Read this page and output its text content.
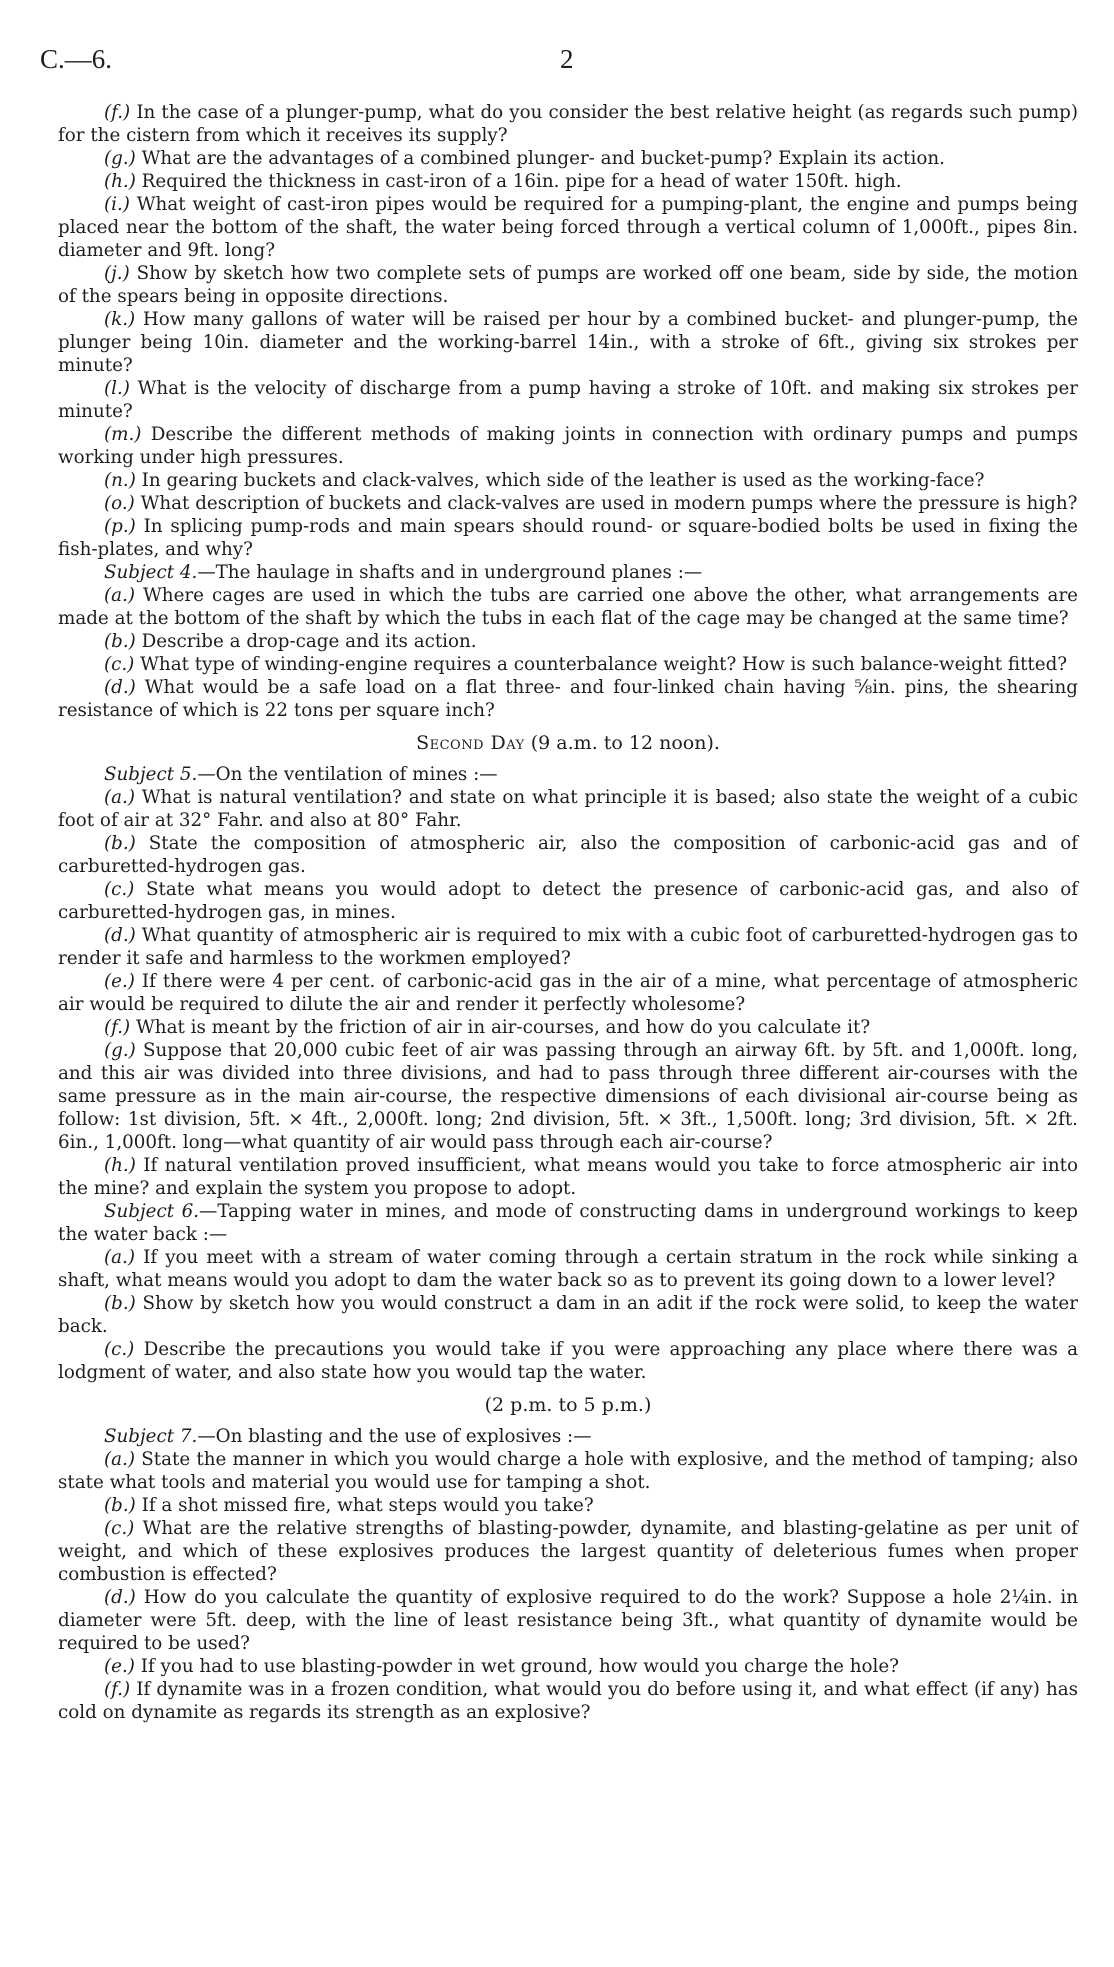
C.—6.	2

(f.) In the case of a plunger-pump, what do you consider the best relative height (as regards such pump) for the cistern from which it receives its supply?

(g.) What are the advantages of a combined plunger- and bucket-pump? Explain its action.

(h.) Required the thickness in cast-iron of a 16in. pipe for a head of water 150ft. high.

(i.) What weight of cast-iron pipes would be required for a pumping-plant, the engine and pumps being placed near the bottom of the shaft, the water being forced through a vertical column of 1,000ft., pipes 8in. diameter and 9ft. long?

(j.) Show by sketch how two complete sets of pumps are worked off one beam, side by side, the motion of the spears being in opposite directions.

(k.) How many gallons of water will be raised per hour by a combined bucket- and plunger-pump, the plunger being 10in. diameter and the working-barrel 14in., with a stroke of 6ft., giving six strokes per minute?

(l.) What is the velocity of discharge from a pump having a stroke of 10ft. and making six strokes per minute?

(m.) Describe the different methods of making joints in connection with ordinary pumps and pumps working under high pressures.

(n.) In gearing buckets and clack-valves, which side of the leather is used as the working-face?

(o.) What description of buckets and clack-valves are used in modern pumps where the pressure is high?

(p.) In splicing pump-rods and main spears should round- or square-bodied bolts be used in fixing the fish-plates, and why?

Subject 4.—The haulage in shafts and in underground planes :—

(a.) Where cages are used in which the tubs are carried one above the other, what arrangements are made at the bottom of the shaft by which the tubs in each flat of the cage may be changed at the same time?

(b.) Describe a drop-cage and its action.

(c.) What type of winding-engine requires a counterbalance weight? How is such balance-weight fitted?

(d.) What would be a safe load on a flat three- and four-linked chain having ⅝in. pins, the shearing resistance of which is 22 tons per square inch?

Second Day (9 a.m. to 12 noon).

Subject 5.—On the ventilation of mines :—

(a.) What is natural ventilation? and state on what principle it is based; also state the weight of a cubic foot of air at 32° Fahr. and also at 80° Fahr.

(b.) State the composition of atmospheric air, also the composition of carbonic-acid gas and of carburetted-hydrogen gas.

(c.) State what means you would adopt to detect the presence of carbonic-acid gas, and also of carburetted-hydrogen gas, in mines.

(d.) What quantity of atmospheric air is required to mix with a cubic foot of carburetted-hydrogen gas to render it safe and harmless to the workmen employed?

(e.) If there were 4 per cent. of carbonic-acid gas in the air of a mine, what percentage of atmospheric air would be required to dilute the air and render it perfectly wholesome?

(f.) What is meant by the friction of air in air-courses, and how do you calculate it?

(g.) Suppose that 20,000 cubic feet of air was passing through an airway 6ft. by 5ft. and 1,000ft. long, and this air was divided into three divisions, and had to pass through three different air-courses with the same pressure as in the main air-course, the respective dimensions of each divisional air-course being as follow: 1st division, 5ft. × 4ft., 2,000ft. long; 2nd division, 5ft. × 3ft., 1,500ft. long; 3rd division, 5ft. × 2ft. 6in., 1,000ft. long—what quantity of air would pass through each air-course?

(h.) If natural ventilation proved insufficient, what means would you take to force atmospheric air into the mine? and explain the system you propose to adopt.

Subject 6.—Tapping water in mines, and mode of constructing dams in underground workings to keep the water back :—

(a.) If you meet with a stream of water coming through a certain stratum in the rock while sinking a shaft, what means would you adopt to dam the water back so as to prevent its going down to a lower level?

(b.) Show by sketch how you would construct a dam in an adit if the rock were solid, to keep the water back.

(c.) Describe the precautions you would take if you were approaching any place where there was a lodgment of water, and also state how you would tap the water.

(2 p.m. to 5 p.m.)

Subject 7.—On blasting and the use of explosives :—

(a.) State the manner in which you would charge a hole with explosive, and the method of tamping; also state what tools and material you would use for tamping a shot.

(b.) If a shot missed fire, what steps would you take?

(c.) What are the relative strengths of blasting-powder, dynamite, and blasting-gelatine as per unit of weight, and which of these explosives produces the largest quantity of deleterious fumes when proper combustion is effected?

(d.) How do you calculate the quantity of explosive required to do the work? Suppose a hole 2¼in. in diameter were 5ft. deep, with the line of least resistance being 3ft., what quantity of dynamite would be required to be used?

(e.) If you had to use blasting-powder in wet ground, how would you charge the hole?

(f.) If dynamite was in a frozen condition, what would you do before using it, and what effect (if any) has cold on dynamite as regards its strength as an explosive?
